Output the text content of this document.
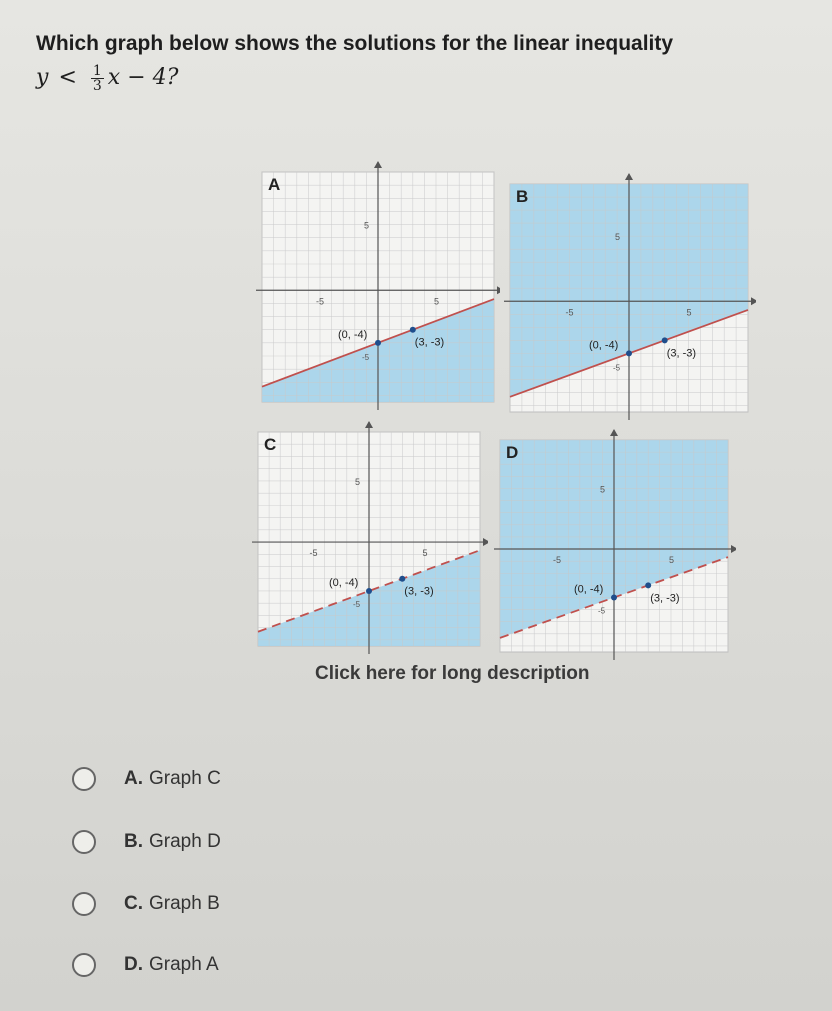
Which graph below shows the solutions for the linear inequality
$y < \frac{1}{3}$ x − 4?
5
-5	5
-5
(0, -4)
(3, -3)
A
5
-5	5
-5
(0, -4)
(3, -3)
B
5
-5	5
-5
(0, -4)
(3, -3)
C
5
-5	5
-5
(0, -4)
(3, -3)
D
Click here for long description
A. Graph C
B. Graph D
C. Graph B
D. Graph A
